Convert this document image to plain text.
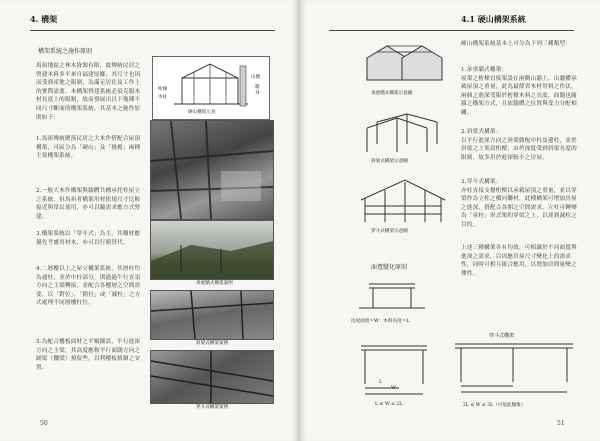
4. 構架
構架系統之施作原則
馬祖地區之林木資源有限，故傳統民居之營建木料多半來自福建原鄉，其尺寸也因而受到產地之限制，為滿足居住及工作上的實際需要，木構架營建系統必須克服木材長度上的限制，故而發展出以下幾種不同尺寸斷面的構架系統，其基本之施作原則如下：
1.馬祖傳統聚落民居之大木作搭配合屋頂構架，可區分為「硬山」及「挑檐」兩種主要構架系統。
2.一般大木作構架與牆體共構承托柱屋立之系統，但馬祖者構架用材依規尺寸比較接近與常民使用，亦可以隨需求應方式營建。
3.構架系統以「穿斗式」為主，其構材應優先考慮用材木，亦可以行簡替代。
4.二層樓以上之屋立構架系統，其層柱均為通柱，並於中柱部分，則過過牛行直須方向之主梁轉接，並配合各樓層之空間需要，以「對位」、「錯位」或「減柱」之方式處理不同層樓柱位。
5.為配合樓板面材之平順鋪設，平行進深方向之主梁，其高度應較平行面闊方向之副梁（擱梁）預留些，以利樓板格網之安置。
桁檁
木柱
山牆
牆
身
硬山構架示意
承重牆式構架案例
斜梁式構架案例
穿斗式構架案例
50
4.1 硬山構架系統
硬山構架系統基本上可分為下列三種類型：
1.承重牆式構架：
屋架之桁檁直接架設在兩側山牆上，由牆體承載屋頂之重量，此為最節省木材用料之作法，兩個之進深受限於桁檁木料之長度，面闊也隨牆之構架方式，且依牆體之位置與受力分配相關。
2.斜梁式構架：
以平行進深方向之斜梁做配中柱及邊柱，並於斜梁之上架設桁檁，由於深度受到斜梁長度的限制，故多用於進深較小之房屋。
3.穿斗式構架：
亦柱直接支撐桁檁以承載屋頂之重量，並以穿梁作為立柱之橫向聯材，此種構架可增加房屋之進深，搭配合各開之空間需求，立柱可轉變為「童柱」形式架的穿梁之上，以達到減柱之目的。
上述三種構架各有均效，可相識於不同面寬與進深之需求，以因應房屋尺寸變化上的需求性，同時可相互組合應用，以增加房間量變之彈性。
承重牆式構架示意圖
斜梁式構架示意圖
穿斗式構架示意圖
面寬變化原則
房屋面寬＝W：木料長度＝L
L
W
L ≤ W ≤ 2L
穿斗式構架
2L ≤ W ≤ 3L（可依此類推）
51
